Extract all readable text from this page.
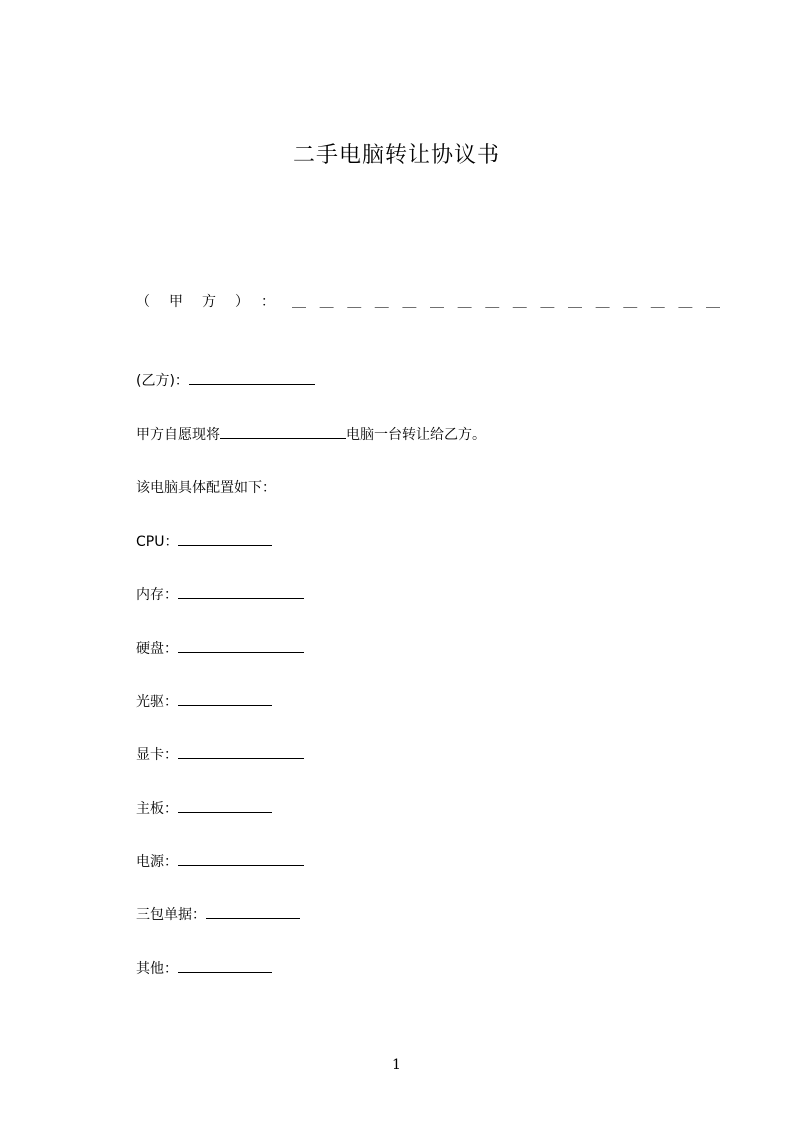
二手电脑转让协议书
（甲方）：
＿＿＿＿＿＿＿＿＿＿＿＿＿＿＿＿
(乙方)：
甲方自愿现将	电脑一台转让给乙方。
该电脑具体配置如下：
CPU：
内存：
硬盘：
光驱：
显卡：
主板：
电源：
三包单据：
其他：
1
